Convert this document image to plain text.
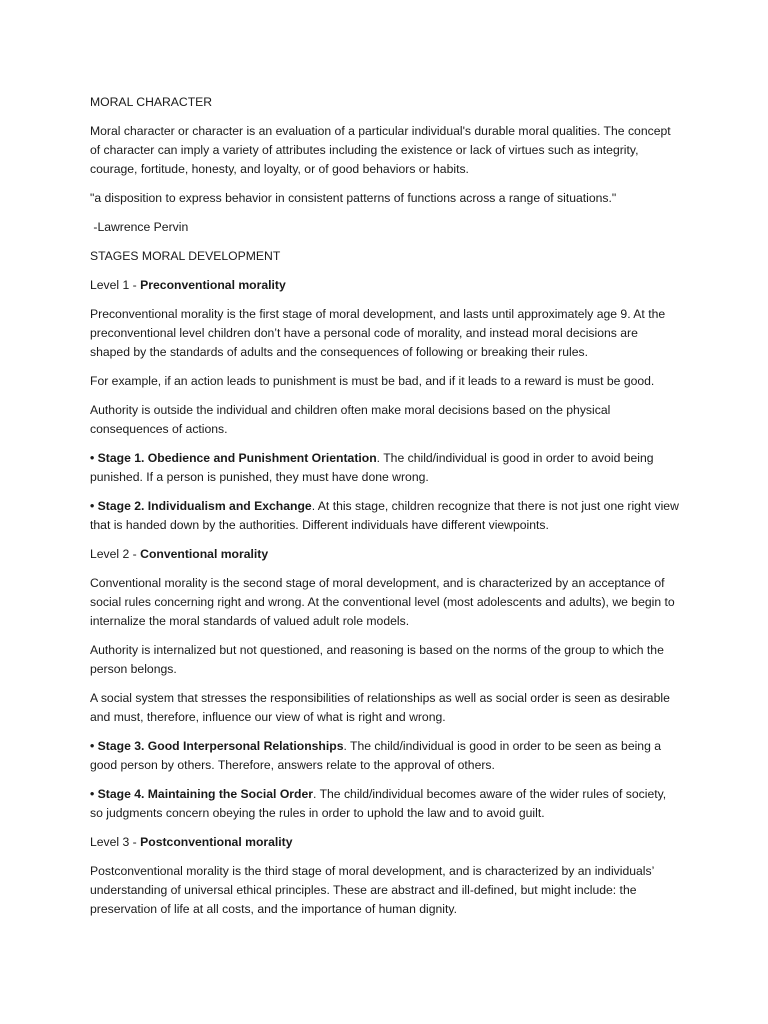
MORAL CHARACTER

Moral character or character is an evaluation of a particular individual's durable moral qualities. The concept of character can imply a variety of attributes including the existence or lack of virtues such as integrity, courage, fortitude, honesty, and loyalty, or of good behaviors or habits.

"a disposition to express behavior in consistent patterns of functions across a range of situations."

-Lawrence Pervin

STAGES MORAL DEVELOPMENT

Level 1 - Preconventional morality

Preconventional morality is the first stage of moral development, and lasts until approximately age 9. At the preconventional level children don’t have a personal code of morality, and instead moral decisions are shaped by the standards of adults and the consequences of following or breaking their rules.

For example, if an action leads to punishment is must be bad, and if it leads to a reward is must be good.

Authority is outside the individual and children often make moral decisions based on the physical consequences of actions.

• Stage 1. Obedience and Punishment Orientation. The child/individual is good in order to avoid being punished. If a person is punished, they must have done wrong.

• Stage 2. Individualism and Exchange. At this stage, children recognize that there is not just one right view that is handed down by the authorities. Different individuals have different viewpoints.

Level 2 - Conventional morality

Conventional morality is the second stage of moral development, and is characterized by an acceptance of social rules concerning right and wrong. At the conventional level (most adolescents and adults), we begin to internalize the moral standards of valued adult role models.

Authority is internalized but not questioned, and reasoning is based on the norms of the group to which the person belongs.

A social system that stresses the responsibilities of relationships as well as social order is seen as desirable and must, therefore, influence our view of what is right and wrong.

• Stage 3. Good Interpersonal Relationships. The child/individual is good in order to be seen as being a good person by others. Therefore, answers relate to the approval of others.

• Stage 4. Maintaining the Social Order. The child/individual becomes aware of the wider rules of society, so judgments concern obeying the rules in order to uphold the law and to avoid guilt.

Level 3 - Postconventional morality

Postconventional morality is the third stage of moral development, and is characterized by an individuals’ understanding of universal ethical principles. These are abstract and ill-defined, but might include: the preservation of life at all costs, and the importance of human dignity.
